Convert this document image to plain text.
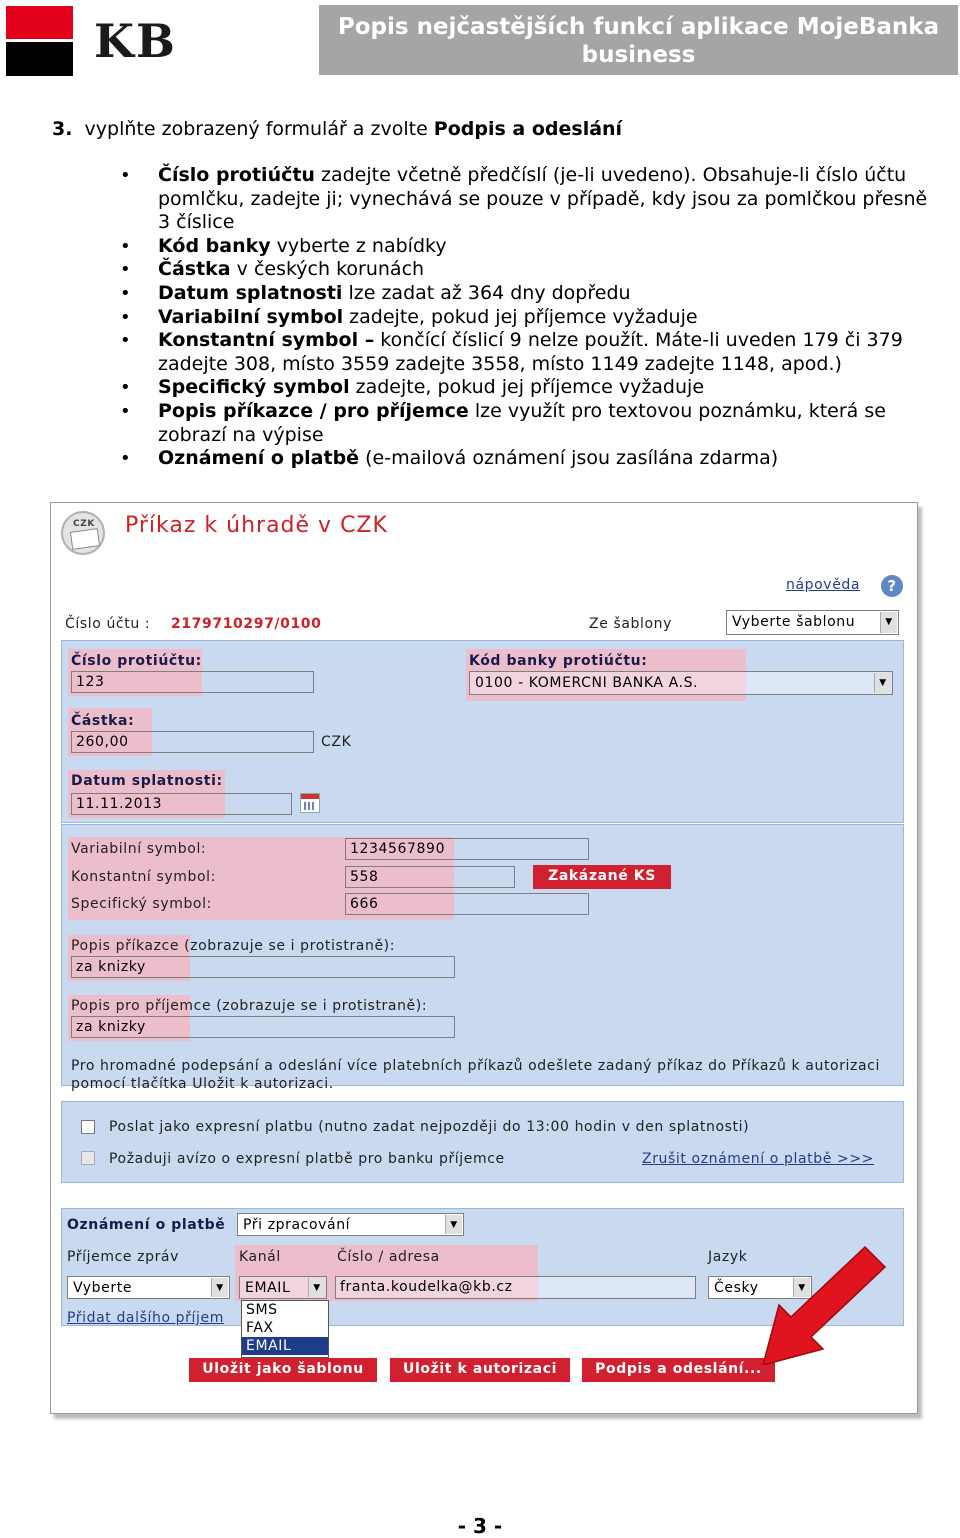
KB	Popis nejčastějších funkcí aplikace MojeBanka business
3. vyplňte zobrazený formulář a zvolte Podpis a odeslání
• Číslo protiúčtu zadejte včetně předčíslí (je-li uvedeno). Obsahuje-li číslo účtu pomlčku, zadejte ji; vynechává se pouze v případě, kdy jsou za pomlčkou přesně 3 číslice
• Kód banky vyberte z nabídky
• Částka v českých korunách
• Datum splatnosti lze zadat až 364 dny dopředu
• Variabilní symbol zadejte, pokud jej příjemce vyžaduje
• Konstantní symbol – končící číslicí 9 nelze použít. Máte-li uveden 179 či 379 zadejte 308, místo 3559 zadejte 3558, místo 1149 zadejte 1148, apod.)
• Specifický symbol zadejte, pokud jej příjemce vyžaduje
• Popis příkazce / pro příjemce lze využít pro textovou poznámku, která se zobrazí na výpise
• Oznámení o platbě (e-mailová oznámení jsou zasílána zdarma)
CZK Příkaz k úhradě v CZK
nápověda	?
Číslo účtu : 2179710297/0100	Ze šablony	Vyberte šablonu	▼
Číslo protiúčtu:
123
Kód banky protiúčtu:
0100 - KOMERCNI BANKA A.S.	▼
Částka:
260,00	CZK
Datum splatnosti:
11.11.2013
Variabilní symbol:	1234567890
Konstantní symbol:	558	Zakázané KS
Specifický symbol:	666
Popis příkazce (zobrazuje se i protistraně):
za knizky
Popis pro příjemce (zobrazuje se i protistraně):
za knizky
Pro hromadné podepsání a odeslání více platebních příkazů odešlete zadaný příkaz do Příkazů k autorizaci pomocí tlačítka Uložit k autorizaci.
Poslat jako expresní platbu (nutno zadat nejpozději do 13:00 hodin v den splatnosti)
Požaduji avízo o expresní platbě pro banku příjemce	Zrušit oznámení o platbě >>>
Oznámení o platbě	Při zpracování	▼
Příjemce zpráv	Kanál	Číslo / adresa	Jazyk
Vyberte	▼	EMAIL	▼	franta.koudelka@kb.cz	Česky	▼
Přidat dalšího příjem SMS
FAX
EMAIL
Uložit jako šablonu	Uložit k autorizaci	Podpis a odeslání...
- 3 -
